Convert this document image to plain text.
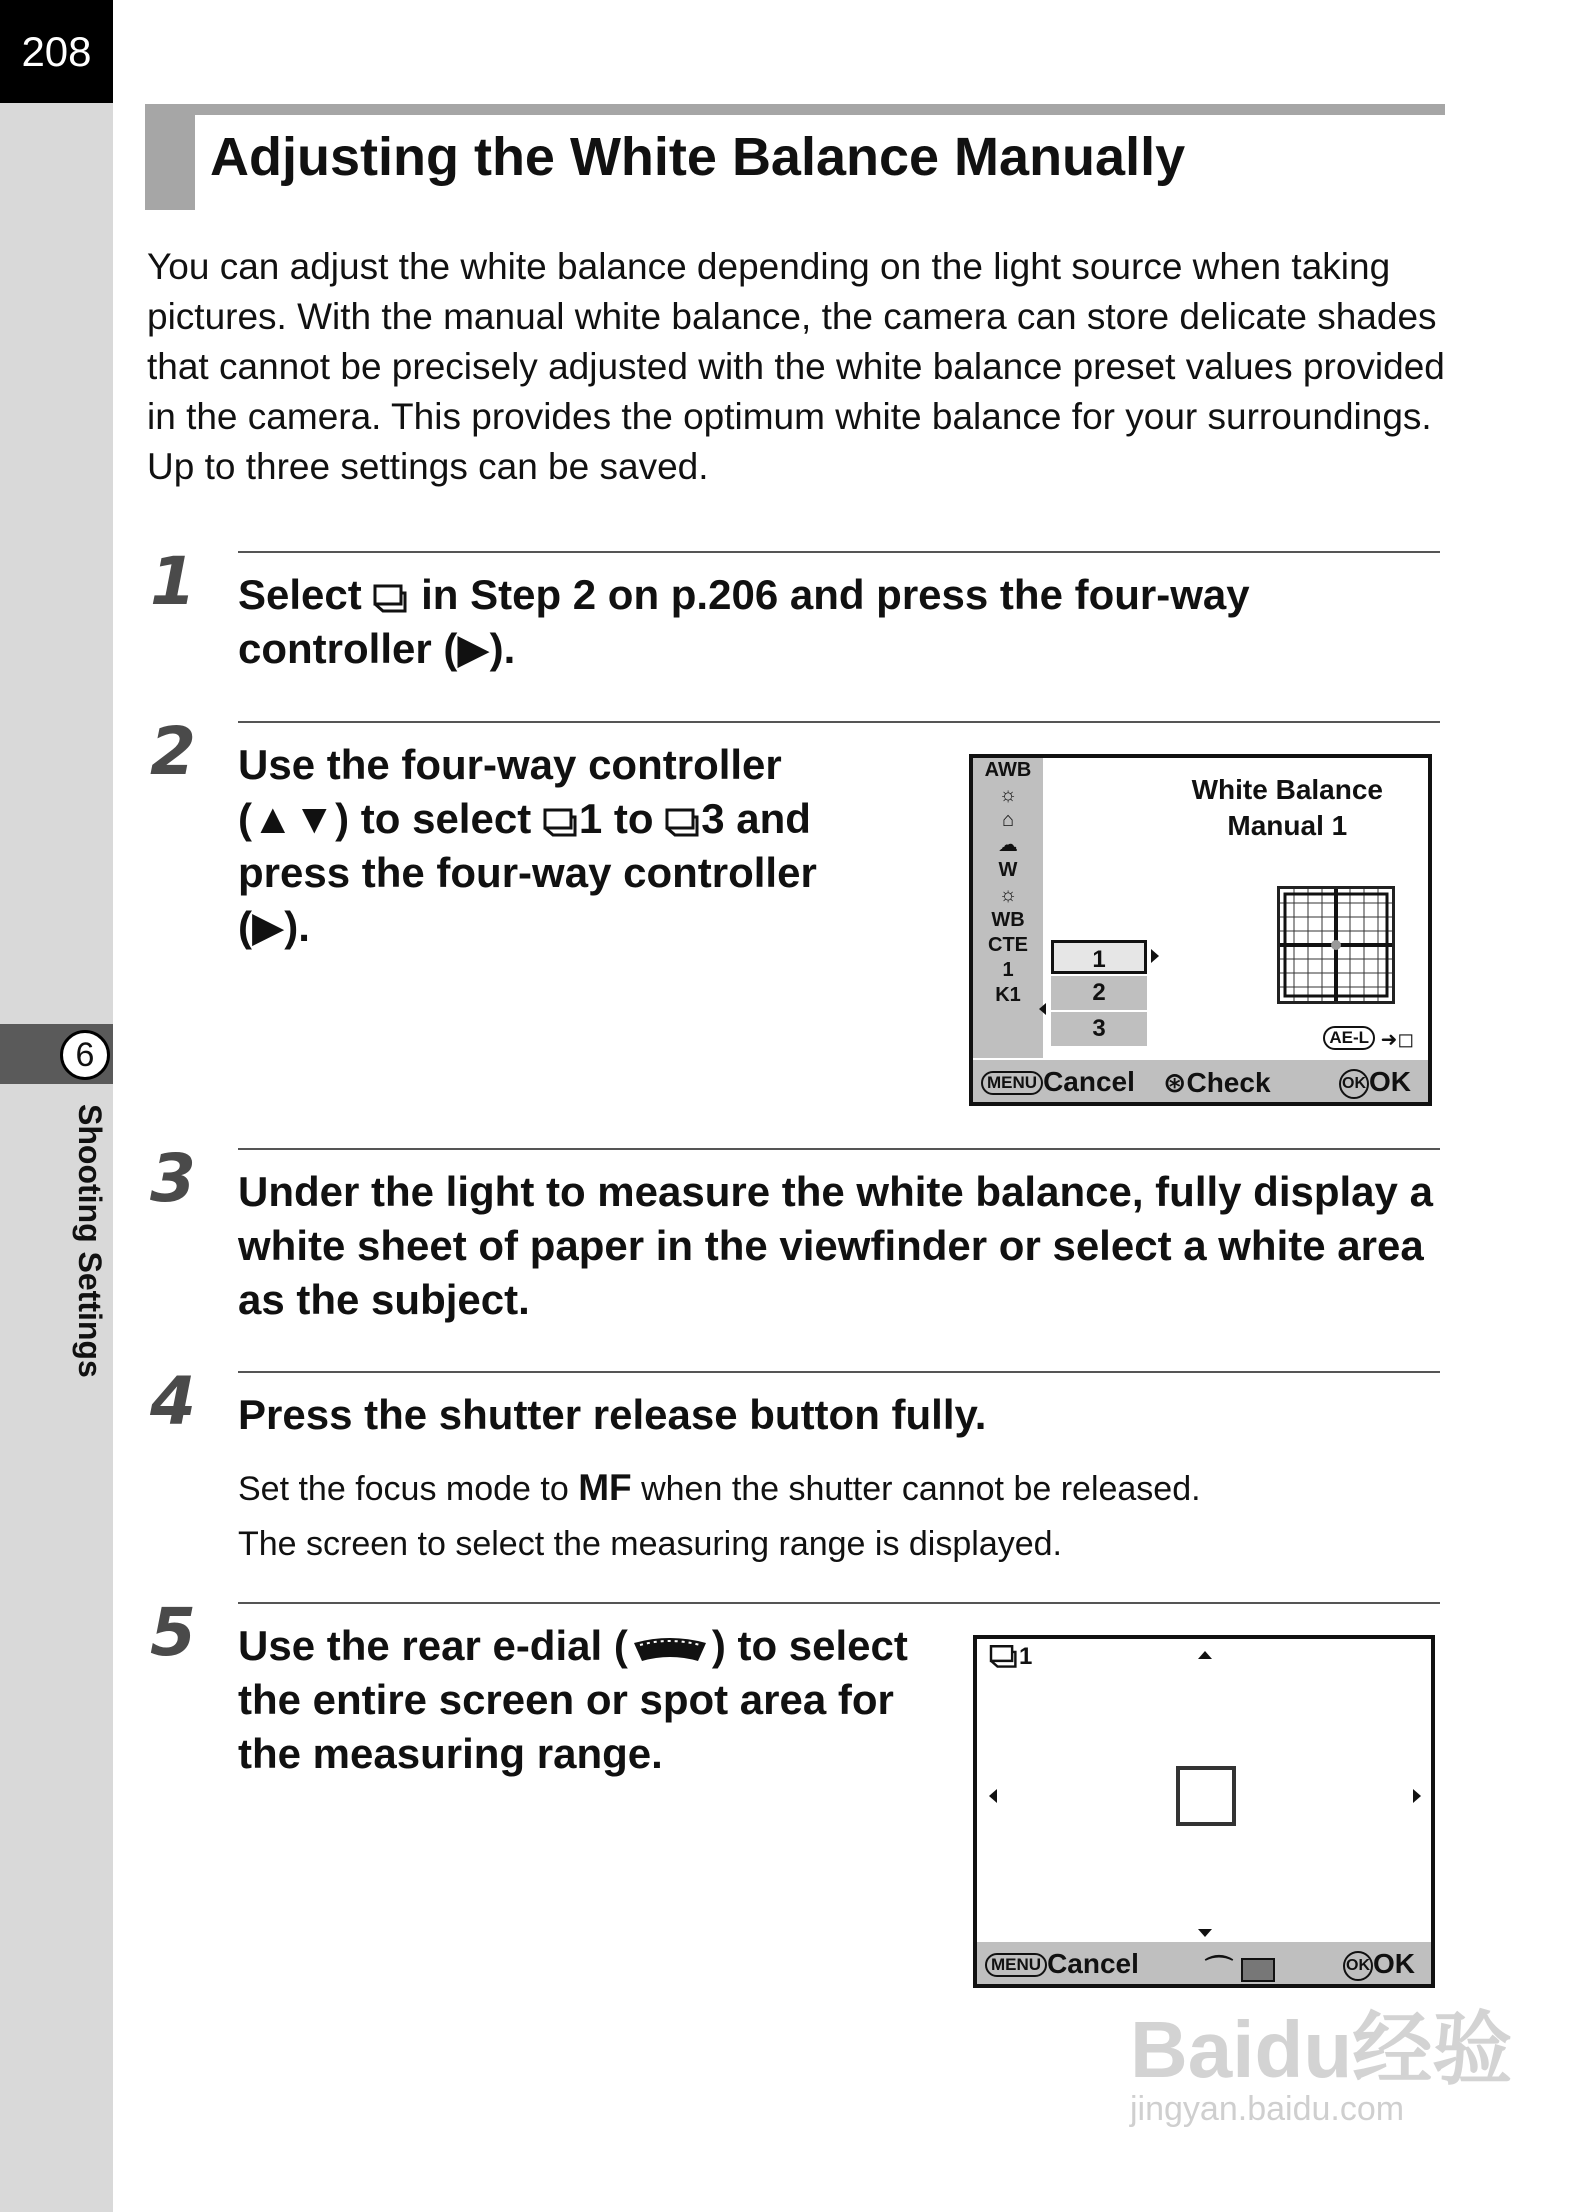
208
6
Shooting Settings
Adjusting the White Balance Manually

You can adjust the white balance depending on the light source when taking pictures. With the manual white balance, the camera can store delicate shades that cannot be precisely adjusted with the white balance preset values provided in the camera. This provides the optimum white balance for your surroundings. Up to three settings can be saved.

1 Select  in Step 2 on p.206 and press the four-way controller (▶).
2 Use the four-way controller
(▲▼) to select 1 to 3 and
press the four-way controller
(▶).
AWB
☼
⌂
☁
W
☼
WB
CTE
1
K1
White Balance
Manual 1
1
2
3	AE-L ➜◻
MENU Cancel ⊛Check	OK OK
3 Under the light to measure the white balance, fully display a white sheet of paper in the viewfinder or select a white area as the subject.
4 Press the shutter release button fully.
Set the focus mode to MF when the shutter cannot be released.
The screen to select the measuring range is displayed.
5 Use the rear e-dial ( ) to select
the entire screen or spot area for
the measuring range.
1
MENU Cancel ⌒	OK OK
Baidu经验
jingyan.baidu.com
